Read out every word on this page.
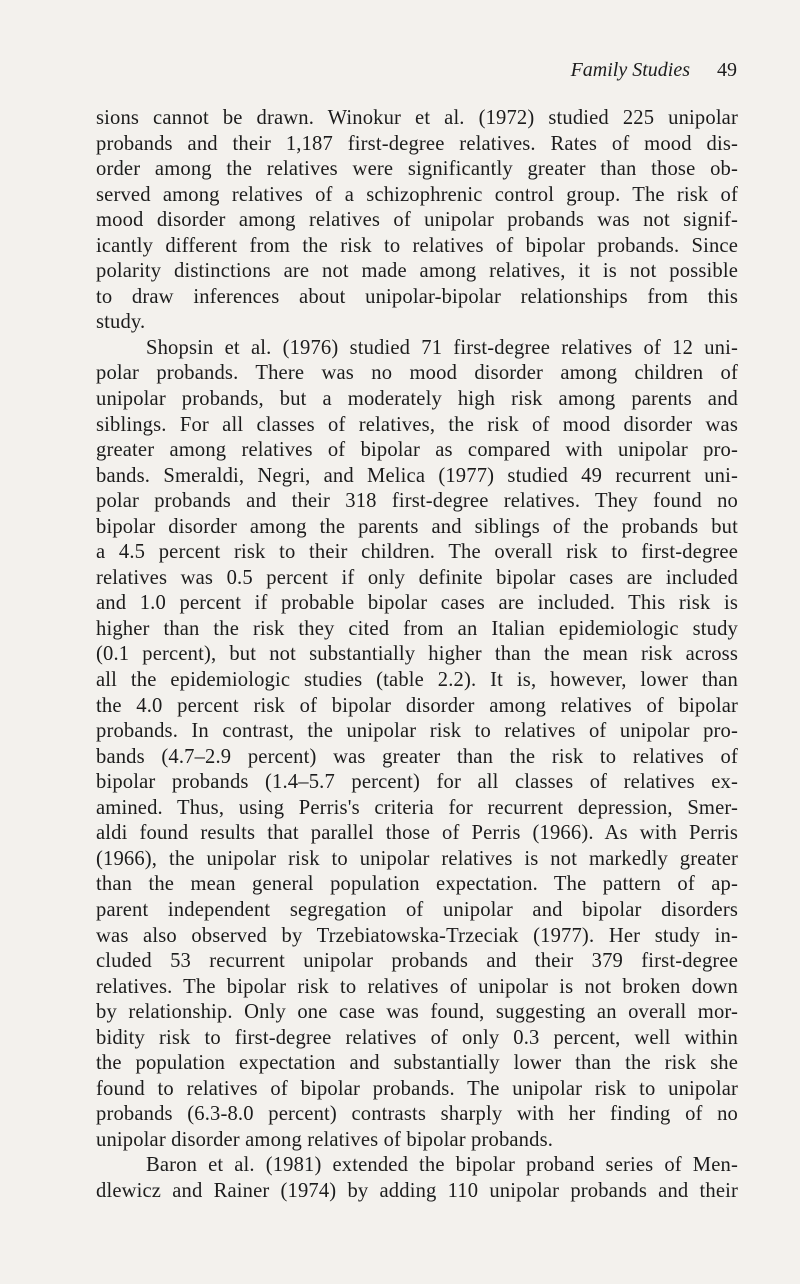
Family Studies 49
sions cannot be drawn. Winokur et al. (1972) studied 225 unipolar
probands and their 1,187 first-degree relatives. Rates of mood dis-
order among the relatives were significantly greater than those ob-
served among relatives of a schizophrenic control group. The risk of
mood disorder among relatives of unipolar probands was not signif-
icantly different from the risk to relatives of bipolar probands. Since
polarity distinctions are not made among relatives, it is not possible
to draw inferences about unipolar-bipolar relationships from this
study.
Shopsin et al. (1976) studied 71 first-degree relatives of 12 uni-
polar probands. There was no mood disorder among children of
unipolar probands, but a moderately high risk among parents and
siblings. For all classes of relatives, the risk of mood disorder was
greater among relatives of bipolar as compared with unipolar pro-
bands. Smeraldi, Negri, and Melica (1977) studied 49 recurrent uni-
polar probands and their 318 first-degree relatives. They found no
bipolar disorder among the parents and siblings of the probands but
a 4.5 percent risk to their children. The overall risk to first-degree
relatives was 0.5 percent if only definite bipolar cases are included
and 1.0 percent if probable bipolar cases are included. This risk is
higher than the risk they cited from an Italian epidemiologic study
(0.1 percent), but not substantially higher than the mean risk across
all the epidemiologic studies (table 2.2). It is, however, lower than
the 4.0 percent risk of bipolar disorder among relatives of bipolar
probands. In contrast, the unipolar risk to relatives of unipolar pro-
bands (4.7–2.9 percent) was greater than the risk to relatives of
bipolar probands (1.4–5.7 percent) for all classes of relatives ex-
amined. Thus, using Perris's criteria for recurrent depression, Smer-
aldi found results that parallel those of Perris (1966). As with Perris
(1966), the unipolar risk to unipolar relatives is not markedly greater
than the mean general population expectation. The pattern of ap-
parent independent segregation of unipolar and bipolar disorders
was also observed by Trzebiatowska-Trzeciak (1977). Her study in-
cluded 53 recurrent unipolar probands and their 379 first-degree
relatives. The bipolar risk to relatives of unipolar is not broken down
by relationship. Only one case was found, suggesting an overall mor-
bidity risk to first-degree relatives of only 0.3 percent, well within
the population expectation and substantially lower than the risk she
found to relatives of bipolar probands. The unipolar risk to unipolar
probands (6.3-8.0 percent) contrasts sharply with her finding of no
unipolar disorder among relatives of bipolar probands.
Baron et al. (1981) extended the bipolar proband series of Men-
dlewicz and Rainer (1974) by adding 110 unipolar probands and their
